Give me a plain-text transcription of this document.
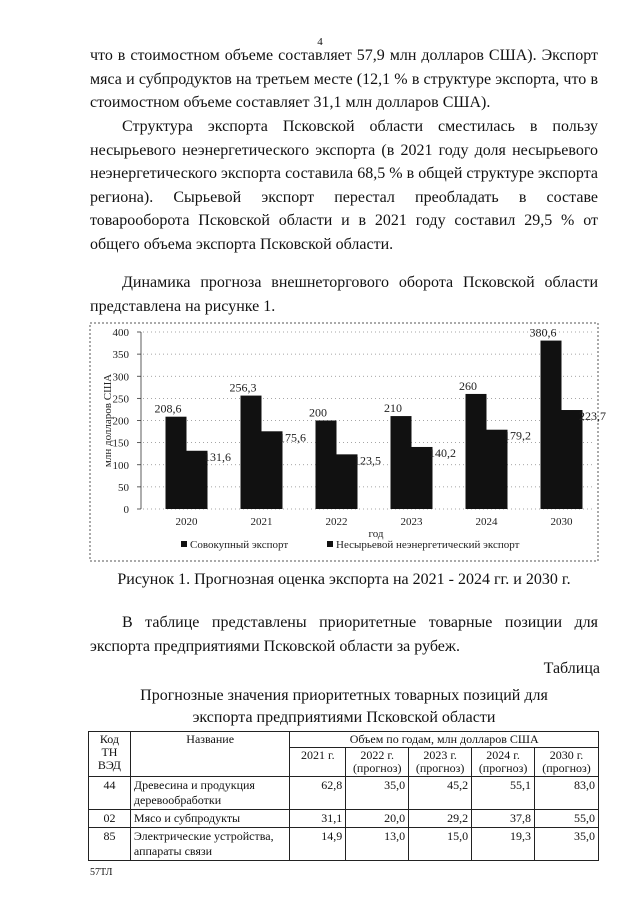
4

что в стоимостном объеме составляет 57,9 млн долларов США). Экспорт мяса и субпродуктов на третьем месте (12,1 % в структуре экспорта, что в стоимостном объеме составляет 31,1 млн долларов США).

Структура экспорта Псковской области сместилась в пользу несырьевого неэнергетического экспорта (в 2021 году доля несырьевого неэнергетического экспорта составила 68,5 % в общей структуре экспорта региона). Сырьевой экспорт перестал преобладать в составе товарооборота Псковской области и в 2021 году составил 29,5 % от общего объема экспорта Псковской области.

Динамика прогноза внешнеторгового оборота Псковской области представлена на рисунке 1.

0
50
100
150
200
250
300
350
400
млн долларов США	208,6
131,6
2020
256,3
175,6
2021
200
123,5
2022
210
140,2
2023
260
179,2
2024
380,6
223,7
2030
год
Совокупный экспорт	Несырьевой неэнергетический экспорт
Рисунок 1. Прогнозная оценка экспорта на 2021 - 2024 гг. и 2030 г.

В таблице представлены приоритетные товарные позиции для экспорта предприятиями Псковской области за рубеж.

Таблица
Прогнозные значения приоритетных товарных позиций для
экспорта предприятиями Псковской области
Код ТН ВЭД	Название	Объем по годам, млн долларов США				
		2021 г.	2022 г. (прогноз)	2023 г. (прогноз)	2024 г. (прогноз)	2030 г. (прогноз)
44	Древесина и продукция деревообработки	62,8	35,0	45,2	55,1	83,0
02	Мясо и субпродукты	31,1	20,0	29,2	37,8	55,0
85	Электрические устройства, аппараты связи	14,9	13,0	15,0	19,3	35,0
57ТЛ
